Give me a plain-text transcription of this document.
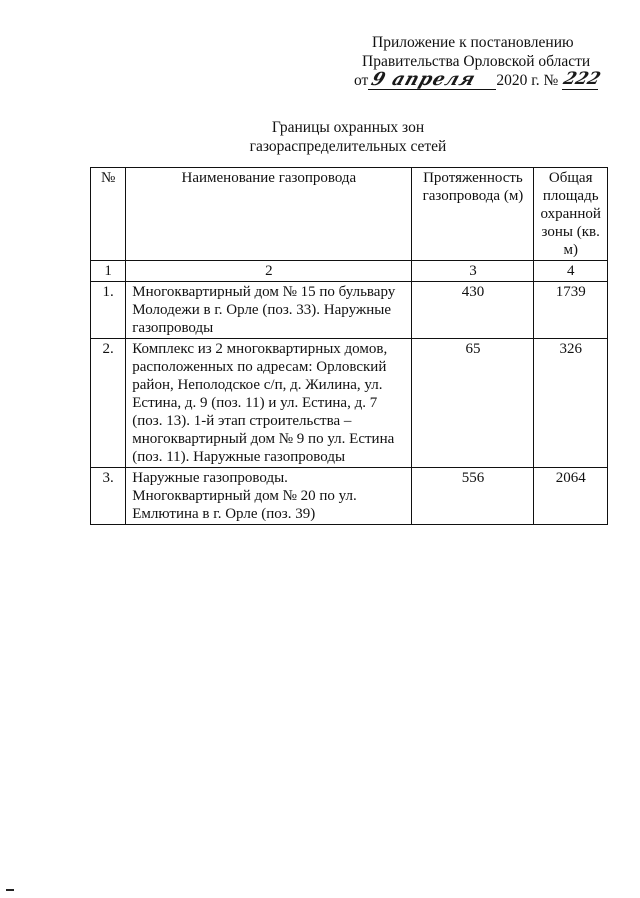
Приложение к постановлению
Правительства Орловской области
от 9 апреля 2020 г. № 222
Границы охранных зон
газораспределительных сетей
№	Наименование газопровода	Протяженность газопровода (м)	Общая площадь охранной зоны (кв. м)
1	2	3	4
1.	Многоквартирный дом № 15 по бульвару Молодежи в г. Орле (поз. 33). Наружные газопроводы	430	1739
2.	Комплекс из 2 многоквартирных домов, расположенных по адресам: Орловский район, Неполодское с/п, д. Жилина, ул. Естина, д. 9 (поз. 11) и ул. Естина, д. 7 (поз. 13). 1-й этап строительства – многоквартирный дом № 9 по ул. Естина (поз. 11). Наружные газопроводы	65	326
3.	Наружные газопроводы. Многоквартирный дом № 20 по ул. Емлютина в г. Орле (поз. 39)	556	2064
